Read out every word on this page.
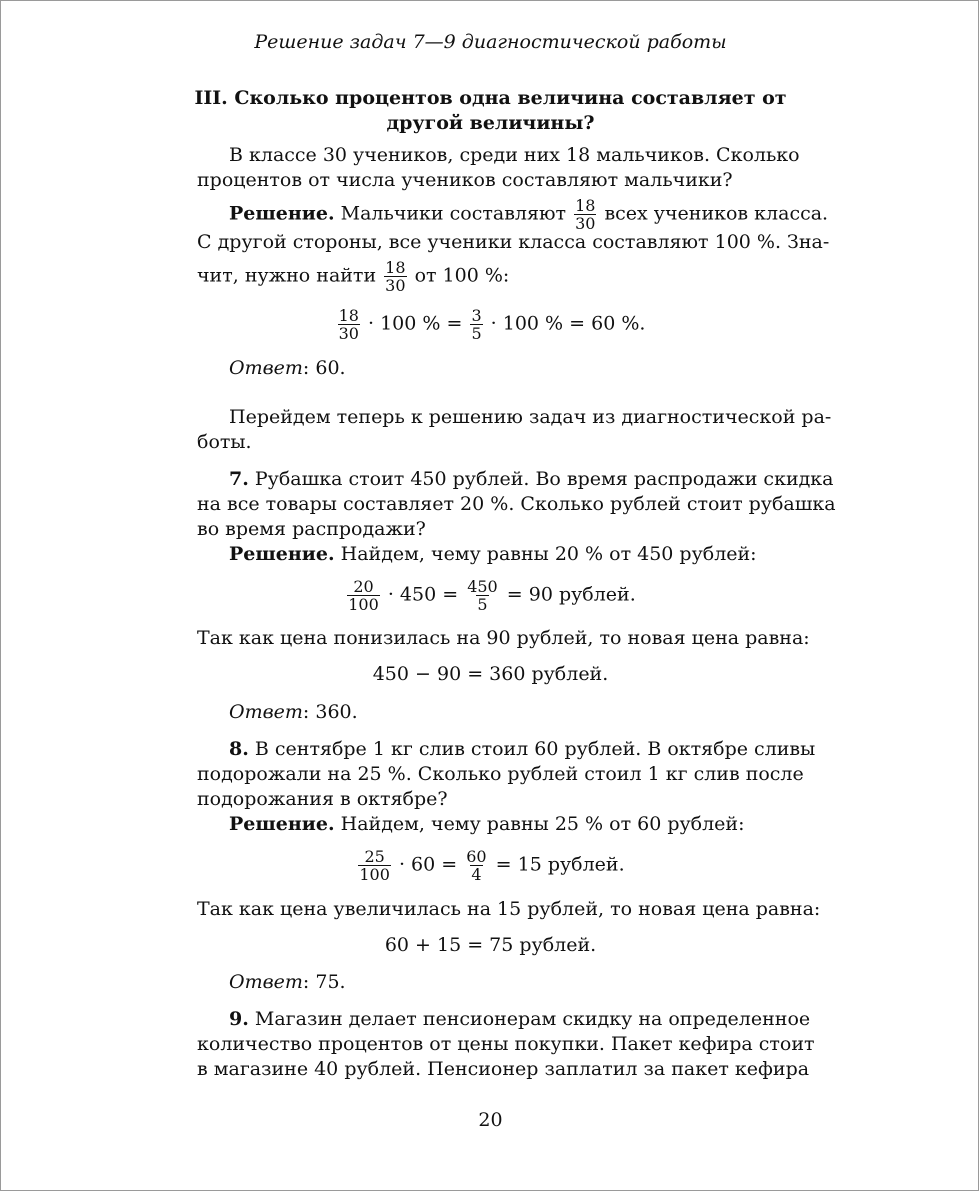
Решение задач 7—9 диагностической работы
III. Сколько процентов одна величина составляет от
другой величины?
В классе 30 учеников, среди них 18 мальчиков. Сколько
процентов от числа учеников составляют мальчики?
Решение. Мальчики составляют $\frac{18}{30}$ всех учеников класса.
С другой стороны, все ученики класса составляют 100 %. Зна-
чит, нужно найти $\frac{18}{30}$ от 100 %:
$\frac{18}{30} \cdot 100$ % = $\frac{3}{5} \cdot 100$ % = 60 %.
Ответ: 60.
Перейдем теперь к решению задач из диагностической ра-
боты.
7. Рубашка стоит 450 рублей. Во время распродажи скидка
на все товары составляет 20 %. Сколько рублей стоит рубашка
во время распродажи?
Решение. Найдем, чему равны 20 % от 450 рублей:
$\frac{20}{100} \cdot 450 = \frac{450}{5} = 90$ рублей.
Так как цена понизилась на 90 рублей, то новая цена равна:
450 − 90 = 360 рублей.
Ответ: 360.
8. В сентябре 1 кг слив стоил 60 рублей. В октябре сливы
подорожали на 25 %. Сколько рублей стоил 1 кг слив после
подорожания в октябре?
Решение. Найдем, чему равны 25 % от 60 рублей:
$\frac{25}{100} \cdot 60 = \frac{60}{4} = 15$ рублей.
Так как цена увеличилась на 15 рублей, то новая цена равна:
60 + 15 = 75 рублей.
Ответ: 75.
9. Магазин делает пенсионерам скидку на определенное
количество процентов от цены покупки. Пакет кефира стоит
в магазине 40 рублей. Пенсионер заплатил за пакет кефира
20
